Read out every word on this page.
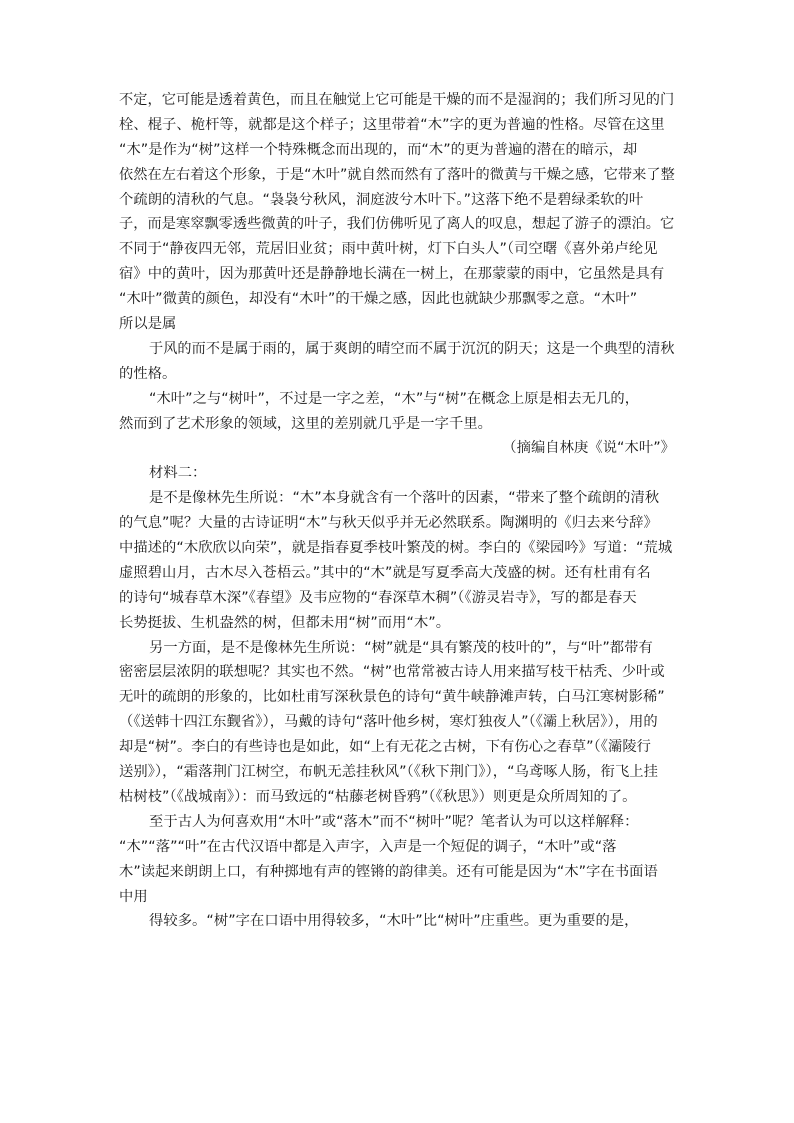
不定，它可能是透着黄色，而且在触觉上它可能是干燥的而不是湿润的；我们所习见的门
栓、棍子、桅杆等，就都是这个样子；这里带着“木”字的更为普遍的性格。尽管在这里
“木”是作为“树”这样一个特殊概念而出现的，而“木”的更为普遍的潜在的暗示，却
依然在左右着这个形象，于是“木叶”就自然而然有了落叶的微黄与干燥之感，它带来了整
个疏朗的清秋的气息。“袅袅兮秋风，洞庭波兮木叶下。”这落下绝不是碧绿柔软的叶
子，而是寒窣飘零透些微黄的叶子，我们仿佛听见了离人的叹息，想起了游子的漂泊。它
不同于“静夜四无邻，荒居旧业贫；雨中黄叶树，灯下白头人”（司空曙《喜外弟卢纶见
宿》中的黄叶，因为那黄叶还是静静地长满在一树上，在那蒙蒙的雨中，它虽然是具有
“木叶”微黄的颜色，却没有“木叶”的干燥之感，因此也就缺少那飘零之意。“木叶”
所以是属
于风的而不是属于雨的，属于爽朗的晴空而不属于沉沉的阴天；这是一个典型的清秋
的性格。
“木叶”之与“树叶”，不过是一字之差，“木”与“树”在概念上原是相去无几的，
然而到了艺术形象的领域，这里的差别就几乎是一字千里。
（摘编自林庚《说“木叶”》
材料二：
是不是像林先生所说：“木”本身就含有一个落叶的因素，“带来了整个疏朗的清秋
的气息”呢？大量的古诗证明“木”与秋天似乎并无必然联系。陶渊明的《归去来兮辞》
中描述的“木欣欣以向荣”，就是指春夏季枝叶繁茂的树。李白的《梁园吟》写道：“荒城
虚照碧山月，古木尽入苍梧云。”其中的“木”就是写夏季高大茂盛的树。还有杜甫有名
的诗句“城春草木深”《春望》及韦应物的“春深草木稠”（《游灵岩寺》，写的都是春天
长势挺拔、生机盎然的树，但都未用“树”而用“木”。
另一方面，是不是像林先生所说：“树”就是“具有繁茂的枝叶的”，与“叶”都带有
密密层层浓阴的联想呢？其实也不然。“树”也常常被古诗人用来描写枝干枯秃、少叶或
无叶的疏朗的形象的，比如杜甫写深秋景色的诗句“黄牛峡静滩声转，白马江寒树影稀”
（《送韩十四江东觐省》），马戴的诗句“落叶他乡树，寒灯独夜人”（《灞上秋居》），用的
却是“树”。李白的有些诗也是如此，如“上有无花之古树，下有伤心之春草”（《灞陵行
送别》），“霜落荆门江树空，布帆无恙挂秋风”（《秋下荆门》），“乌鸢啄人肠，衔飞上挂
枯树枝”（《战城南》）：而马致远的“枯藤老树昏鸦”（《秋思》）则更是众所周知的了。
至于古人为何喜欢用“木叶”或“落木”而不“树叶”呢？笔者认为可以这样解释：
“木”“落”“叶”在古代汉语中都是入声字，入声是一个短促的调子，“木叶”或“落
木”读起来朗朗上口，有种掷地有声的铿锵的韵律美。还有可能是因为“木”字在书面语
中用
得较多。“树”字在口语中用得较多，“木叶”比“树叶”庄重些。更为重要的是，
